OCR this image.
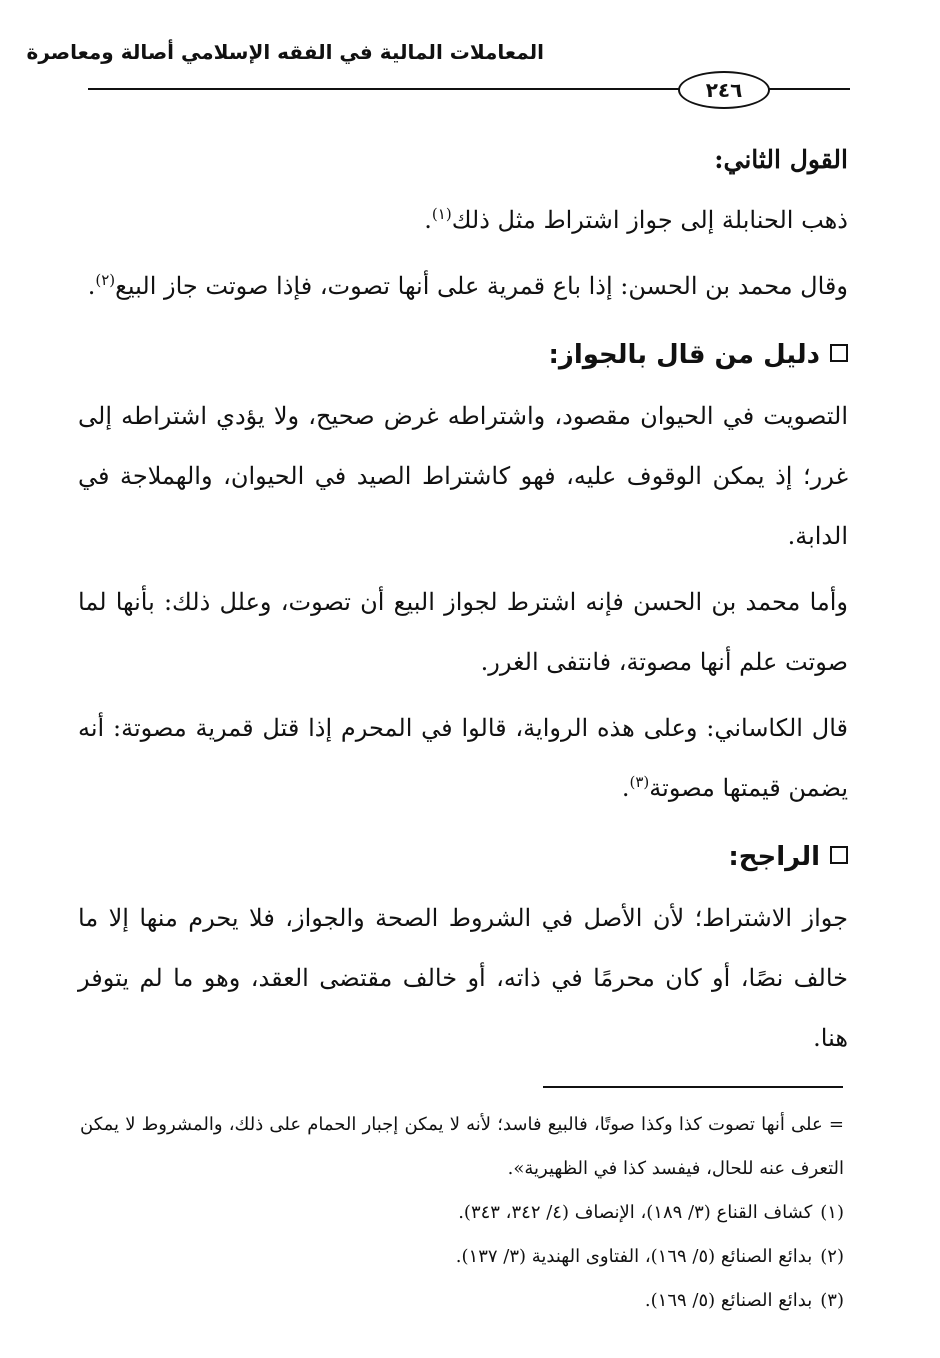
المعاملات المالية في الفقه الإسلامي أصالة ومعاصرة
٢٤٦

القول الثاني:

ذهب الحنابلة إلى جواز اشتراط مثل ذلك$^{(١)}$.

وقال محمد بن الحسن: إذا باع قمرية على أنها تصوت، فإذا صوتت جاز البيع$^{(٢)}$.

دليل من قال بالجواز:

التصويت في الحيوان مقصود، واشتراطه غرض صحيح، ولا يؤدي اشتراطه إلى غرر؛ إذ يمكن الوقوف عليه، فهو كاشتراط الصيد في الحيوان، والهملاجة في الدابة.

وأما محمد بن الحسن فإنه اشترط لجواز البيع أن تصوت، وعلل ذلك: بأنها لما صوتت علم أنها مصوتة، فانتفى الغرر.

قال الكاساني: وعلى هذه الرواية، قالوا في المحرم إذا قتل قمرية مصوتة: أنه يضمن قيمتها مصوتة$^{(٣)}$.

الراجح:

جواز الاشتراط؛ لأن الأصل في الشروط الصحة والجواز، فلا يحرم منها إلا ما خالف نصًا، أو كان محرمًا في ذاته، أو خالف مقتضى العقد، وهو ما لم يتوفر هنا.

= على أنها تصوت كذا وكذا صوتًا، فالبيع فاسد؛ لأنه لا يمكن إجبار الحمام على ذلك، والمشروط لا يمكن التعرف عنه للحال، فيفسد كذا في الظهيرية».

(١)كشاف القناع (٣/ ١٨٩)، الإنصاف (٤/ ٣٤٢، ٣٤٣).

(٢)بدائع الصنائع (٥/ ١٦٩)، الفتاوى الهندية (٣/ ١٣٧).

(٣)بدائع الصنائع (٥/ ١٦٩).
